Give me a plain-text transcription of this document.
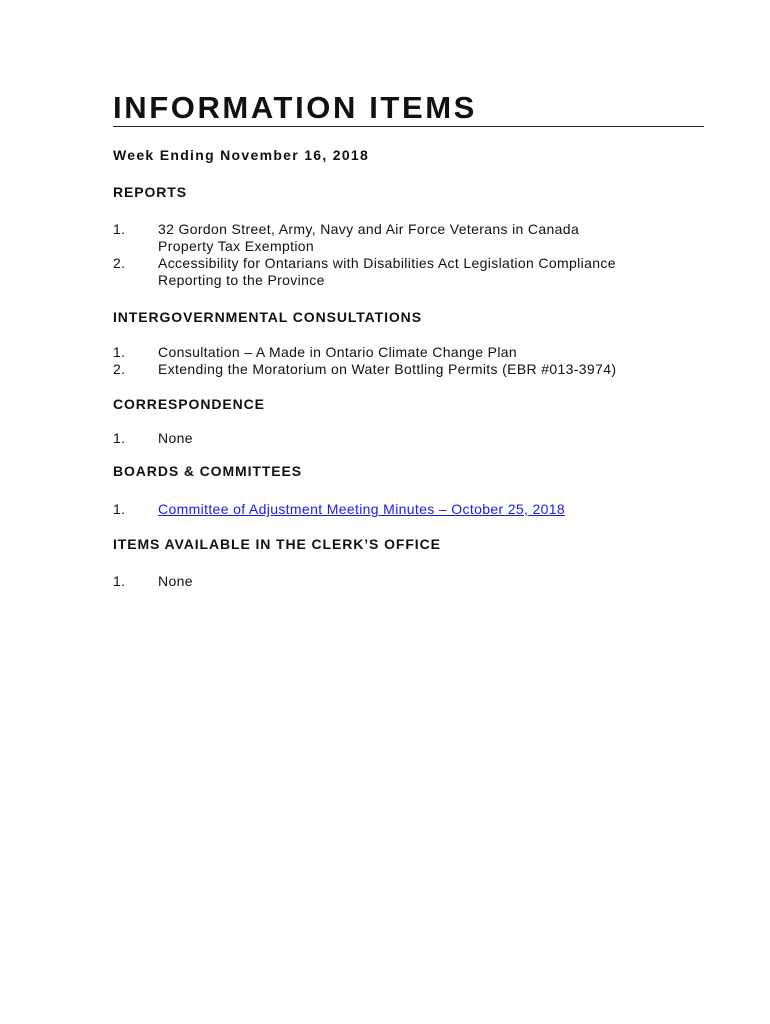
INFORMATION ITEMS

Week Ending November 16, 2018

REPORTS
1.	32 Gordon Street, Army, Navy and Air Force Veterans in Canada
Property Tax Exemption
2.	Accessibility for Ontarians with Disabilities Act Legislation Compliance
Reporting to the Province
INTERGOVERNMENTAL CONSULTATIONS
1.	Consultation – A Made in Ontario Climate Change Plan
2.	Extending the Moratorium on Water Bottling Permits (EBR #013-3974)
CORRESPONDENCE
1.	None
BOARDS & COMMITTEES
1.	Committee of Adjustment Meeting Minutes – October 25, 2018
ITEMS AVAILABLE IN THE CLERK’S OFFICE
1.	None
